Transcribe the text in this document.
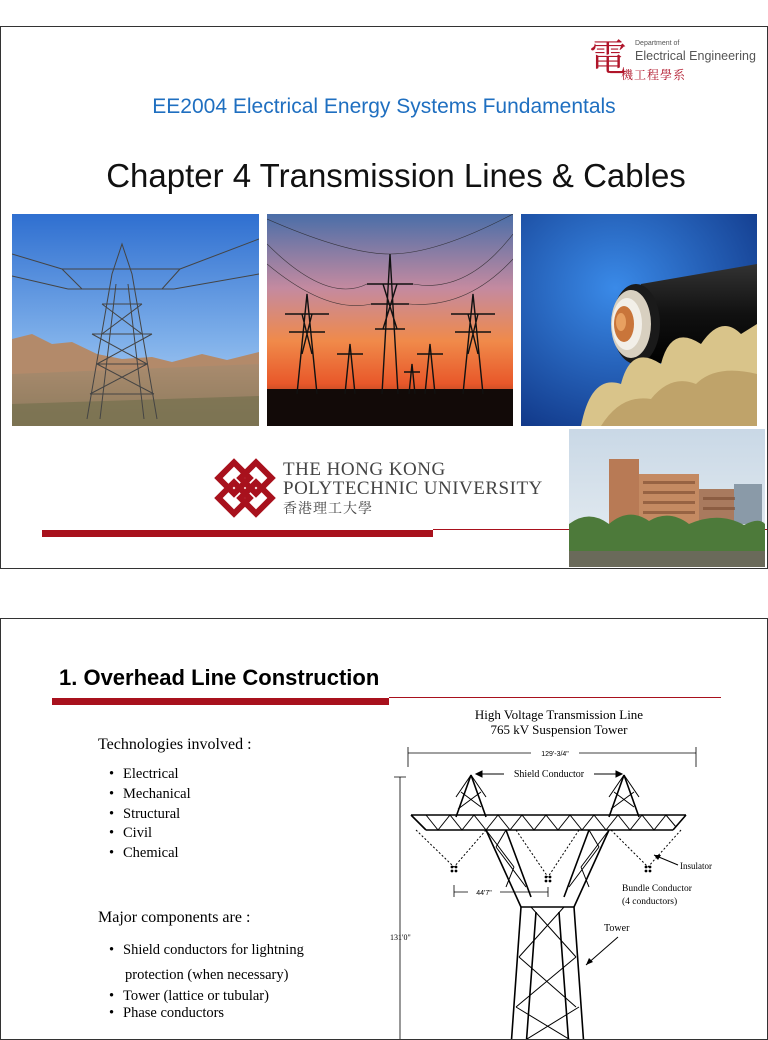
電 Department of
Electrical Engineering
機工程學系
EE2004 Electrical Energy Systems Fundamentals
Chapter 4 Transmission Lines & Cables
THE HONG KONG
POLYTECHNIC UNIVERSITY
香港理工大學
1. Overhead Line Construction
Technologies involved :
• Electrical
• Mechanical
• Structural
• Civil
• Chemical
Major components are :
• Shield conductors for lightning
protection (when necessary)
• Tower (lattice or tubular)
• Phase conductors
High Voltage Transmission Line
765 kV Suspension Tower
129'-3/4"
131'0"
44'7"
Shield Conductor
Insulator
Bundle Conductor
(4 conductors)
Tower
